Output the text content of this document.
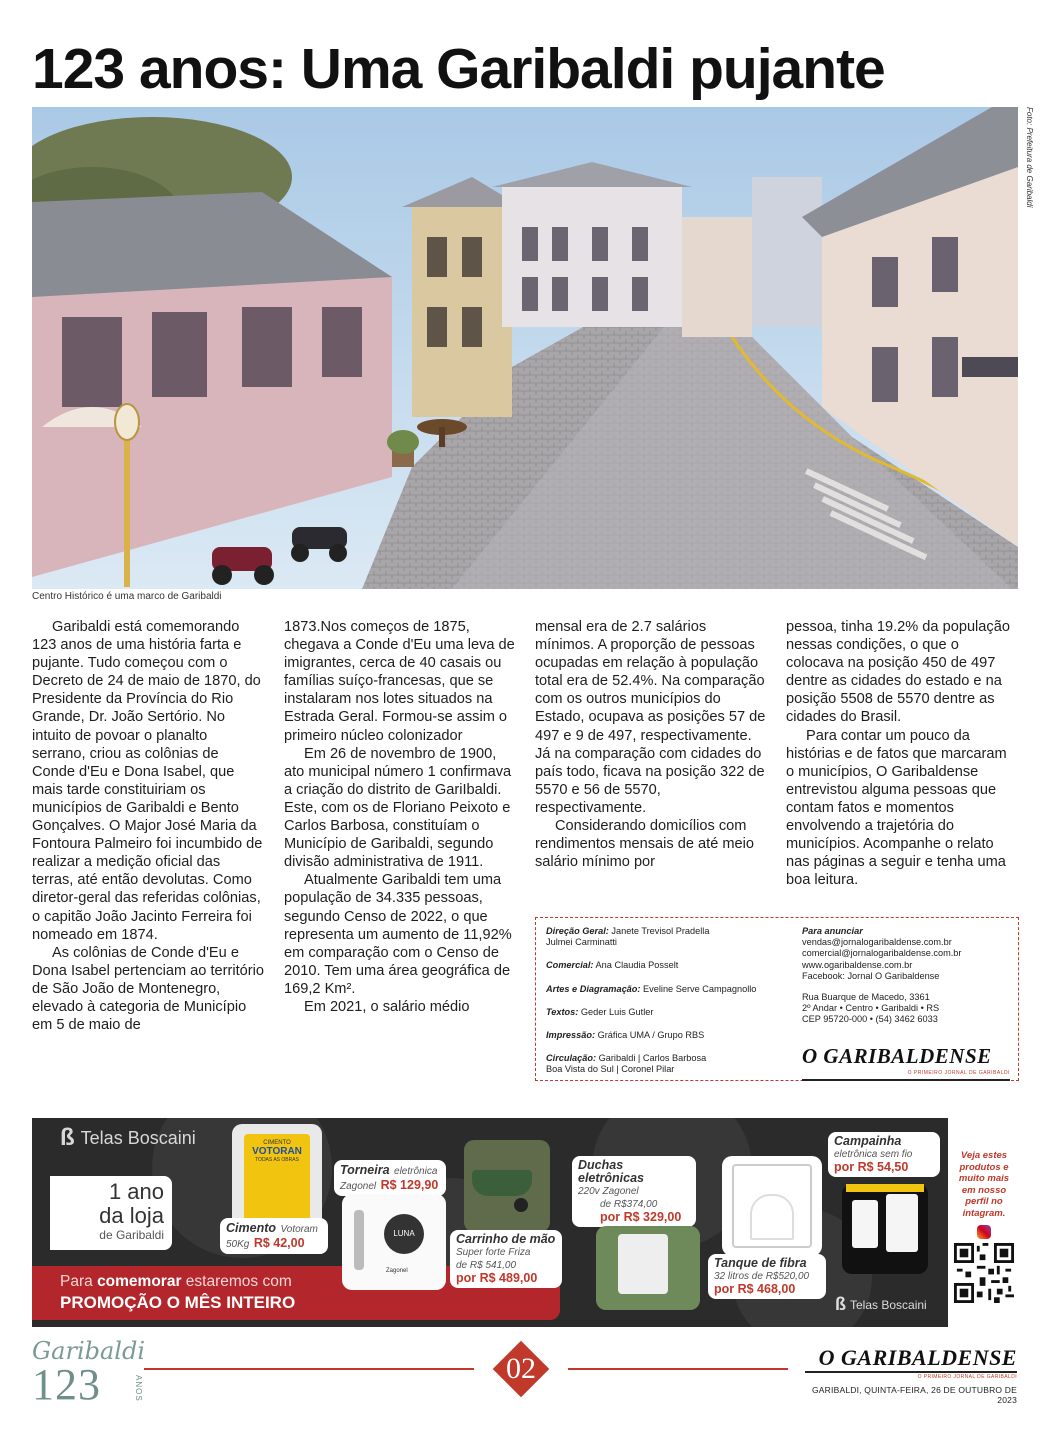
123 anos: Uma Garibaldi pujante
Foto: Prefeitura de Garibaldi
Centro Histórico é uma marco de Garibaldi

Garibaldi está comemorando 123 anos de uma história farta e pujante. Tudo começou com o Decreto de 24 de maio de 1870, do Presidente da Província do Rio Grande, Dr. João Sertório. No intuito de povoar o planalto serrano, criou as colônias de Conde d'Eu e Dona Isabel, que mais tarde constituiriam os municípios de Garibaldi e Bento Gonçalves. O Major José Maria da Fontoura Palmeiro foi incumbido de realizar a medição oficial das terras, até então devolutas. Como diretor-geral das referidas colônias, o capitão João Jacinto Ferreira foi nomeado em 1874.

As colônias de Conde d'Eu e Dona Isabel pertenciam ao território de São João de Montenegro, elevado à categoria de Município em 5 de maio de

1873.Nos começos de 1875, chegava a Conde d'Eu uma leva de imigrantes, cerca de 40 casais ou famílias suíço-francesas, que se instalaram nos lotes situados na Estrada Geral. Formou-se assim o primeiro núcleo colonizador

Em 26 de novembro de 1900, ato municipal número 1 confirmava a criação do distrito de GariIbaldi. Este, com os de Floriano Peixoto e Carlos Barbosa, constituíam o Município de Garibaldi, segundo divisão administrativa de 1911.

Atualmente Garibaldi tem uma população de 34.335 pessoas, segundo Censo de 2022, o que representa um aumento de 11,92% em comparação com o Censo de 2010. Tem uma área geográfica de 169,2 Km².

Em 2021, o salário médio

mensal era de 2.7 salários mínimos. A proporção de pessoas ocupadas em relação à população total era de 52.4%. Na comparação com os outros municípios do Estado, ocupava as posições 57 de 497 e 9 de 497, respectivamente. Já na comparação com cidades do país todo, ficava na posição 322 de 5570 e 56 de 5570, respectivamente.

Considerando domicílios com rendimentos mensais de até meio salário mínimo por

pessoa, tinha 19.2% da população nessas condições, o que o colocava na posição 450 de 497 dentre as cidades do estado e na posição 5508 de 5570 dentre as cidades do Brasil.

Para contar um pouco da histórias e de fatos que marcaram o municípios, O Garibaldense entrevistou alguma pessoas que contam fatos e momentos envolvendo a trajetória do municípios. Acompanhe o relato nas páginas a seguir e tenha uma boa leitura.

Direção Geral: Janete Trevisol Pradella
Julmei Carminatti
Comercial: Ana Claudia Posselt
Artes e Diagramação: Eveline Serve Campagnollo
Textos: Geder Luis Gutler
Impressão: Gráfica UMA / Grupo RBS
Circulação: Garibaldi | Carlos Barbosa
Boa Vista do Sul | Coronel Pilar
Para anunciar
vendas@jornalogaribaldense.com.br
comercial@jornalogaribaldense.com.br
www.ogaribaldense.com.br
Facebook: Jornal O Garibaldense
Rua Buarque de Macedo, 3361
2º Andar • Centro • Garibaldi • RS
CEP 95720-000 • (54) 3462 6033
O GARIBALDENSE
O PRIMEIRO JORNAL DE GARIBALDI
ß Telas Boscaini
1 ano
da loja
de Garibaldi
Para comemorar estaremos com
PROMOÇÃO O MÊS INTEIRO
CIMENTO
VOTORAN
TODAS AS OBRAS
Cimento Votoram
50Kg R$ 42,00
Torneira eletrônica
Zagonel R$ 129,90
LUNA
Zagonel
Carrinho de mão
Super forte Friza
de R$ 541,00
por R$ 489,00
Duchas eletrônicas
220v Zagonel
de R$374,00
por R$ 329,00
Tanque de fibra
32 litros de R$520,00
por R$ 468,00
Campainha
eletrônica sem fio
por R$ 54,50
ß Telas Boscaini
Veja estes
produtos e
muito mais
em nosso
perfil no
intagram.
Garibaldi
123	ANOS
02	O GARIBALDENSE
O PRIMEIRO JORNAL DE GARIBALDI
GARIBALDI, QUINTA-FEIRA, 26 DE OUTUBRO DE 2023
